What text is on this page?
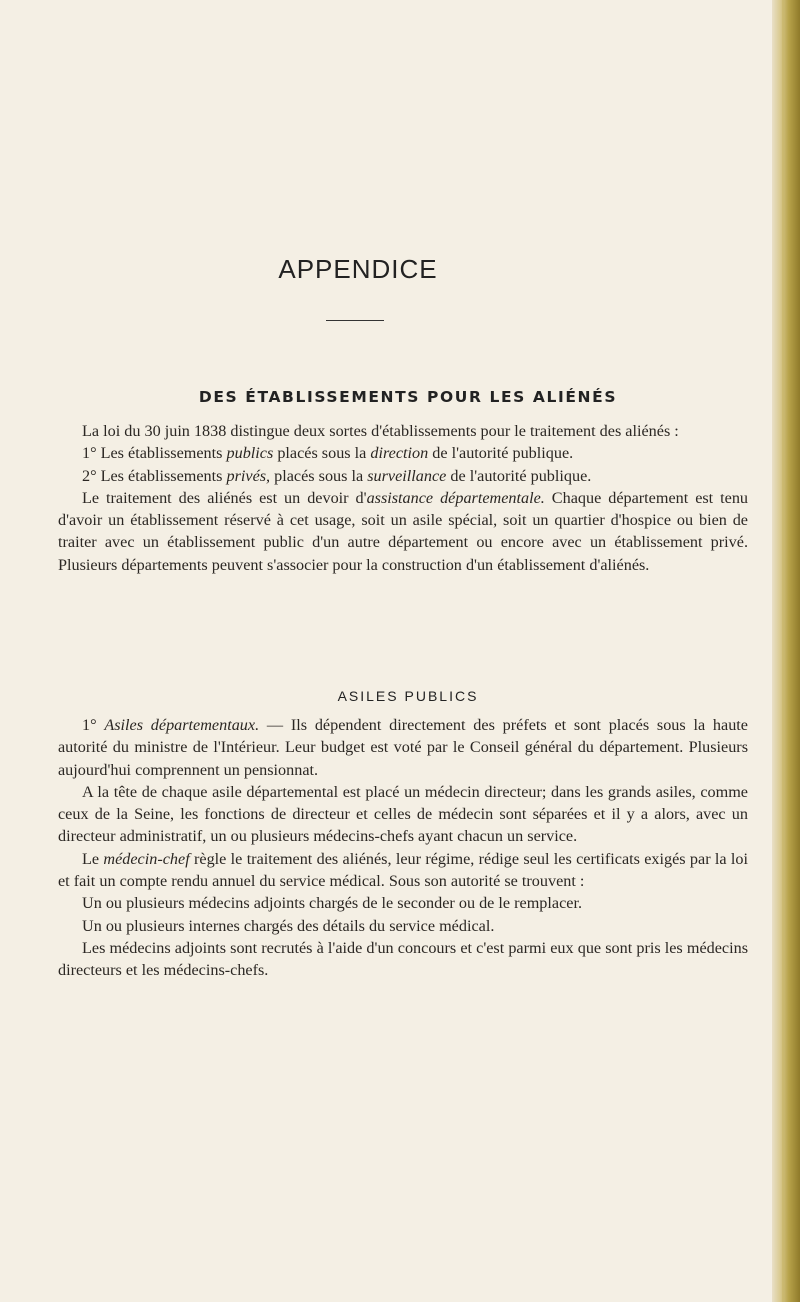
APPENDICE
DES ÉTABLISSEMENTS POUR LES ALIÉNÉS

La loi du 30 juin 1838 distingue deux sortes d'établissements pour le traitement des aliénés :

1° Les établissements publics placés sous la direction de l'autorité publique.

2° Les établissements privés, placés sous la surveillance de l'autorité publique.

Le traitement des aliénés est un devoir d'assistance départementale. Chaque département est tenu d'avoir un établissement réservé à cet usage, soit un asile spécial, soit un quartier d'hospice ou bien de traiter avec un établissement public d'un autre département ou encore avec un établissement privé. Plusieurs départements peuvent s'associer pour la construction d'un établissement d'aliénés.

ASILES PUBLICS

1° Asiles départementaux. — Ils dépendent directement des préfets et sont placés sous la haute autorité du ministre de l'Intérieur. Leur budget est voté par le Conseil général du département. Plusieurs aujourd'hui comprennent un pensionnat.

A la tête de chaque asile départemental est placé un médecin directeur; dans les grands asiles, comme ceux de la Seine, les fonctions de directeur et celles de médecin sont séparées et il y a alors, avec un directeur administratif, un ou plusieurs médecins-chefs ayant chacun un service.

Le médecin-chef règle le traitement des aliénés, leur régime, rédige seul les certificats exigés par la loi et fait un compte rendu annuel du service médical. Sous son autorité se trouvent :

Un ou plusieurs médecins adjoints chargés de le seconder ou de le remplacer.

Un ou plusieurs internes chargés des détails du service médical.

Les médecins adjoints sont recrutés à l'aide d'un concours et c'est parmi eux que sont pris les médecins directeurs et les médecins-chefs.
